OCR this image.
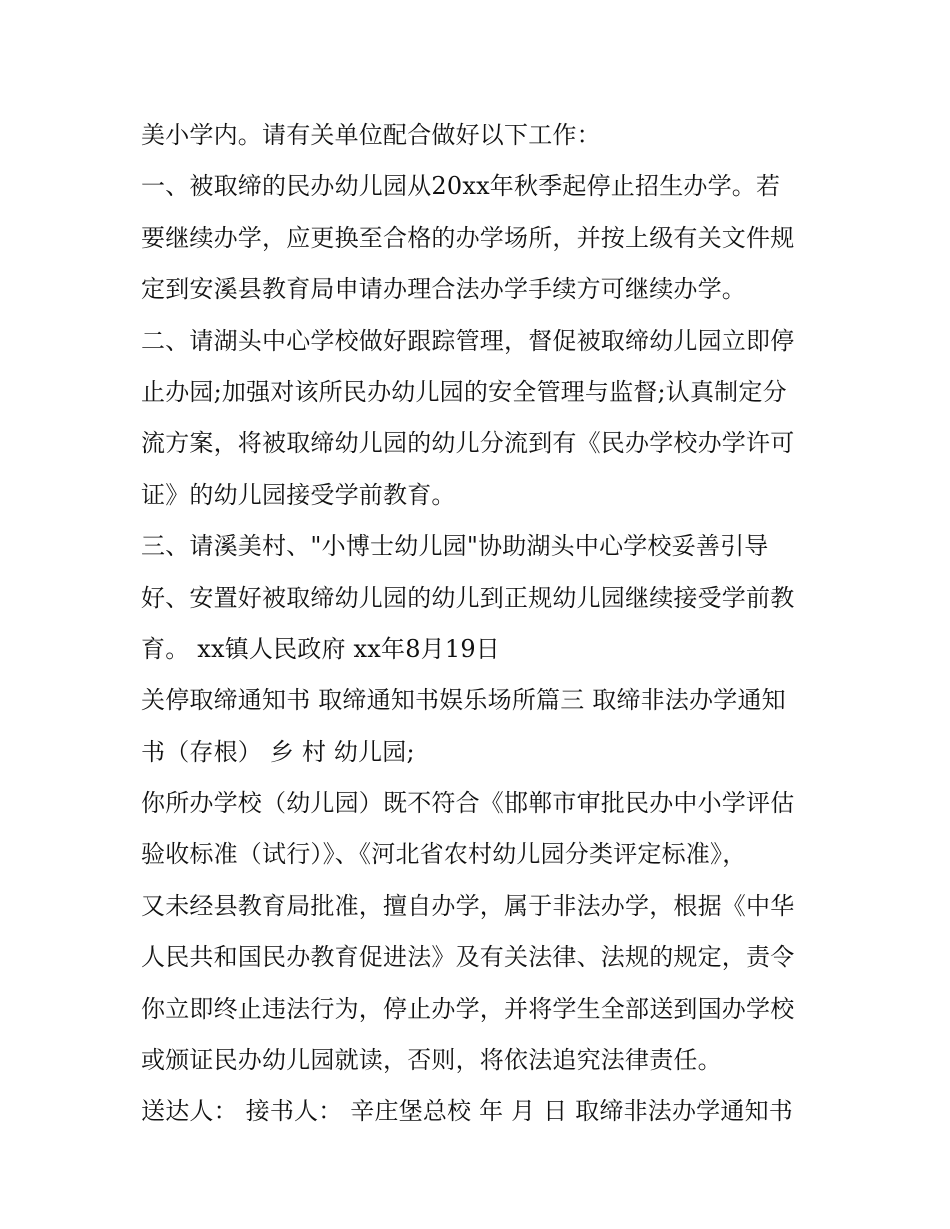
美小学内。请有关单位配合做好以下工作：
一、被取缔的民办幼儿园从20xx年秋季起停止招生办学。若
要继续办学，应更换至合格的办学场所，并按上级有关文件规
定到安溪县教育局申请办理合法办学手续方可继续办学。
二、请湖头中心学校做好跟踪管理，督促被取缔幼儿园立即停
止办园;加强对该所民办幼儿园的安全管理与监督;认真制定分
流方案，将被取缔幼儿园的幼儿分流到有《民办学校办学许可
证》的幼儿园接受学前教育。
三、请溪美村、"小博士幼儿园"协助湖头中心学校妥善引导
好、安置好被取缔幼儿园的幼儿到正规幼儿园继续接受学前教
育。 xx镇人民政府 xx年8月19日
关停取缔通知书 取缔通知书娱乐场所篇三 取缔非法办学通知
书（存根） 乡 村 幼儿园;
你所办学校（幼儿园）既不符合《邯郸市审批民办中小学评估
验收标准（试行）》、《河北省农村幼儿园分类评定标准》，
又未经县教育局批准，擅自办学，属于非法办学，根据《中华
人民共和国民办教育促进法》及有关法律、法规的规定，责令
你立即终止违法行为，停止办学，并将学生全部送到国办学校
或颁证民办幼儿园就读，否则，将依法追究法律责任。
送达人： 接书人： 辛庄堡总校 年 月 日 取缔非法办学通知书
